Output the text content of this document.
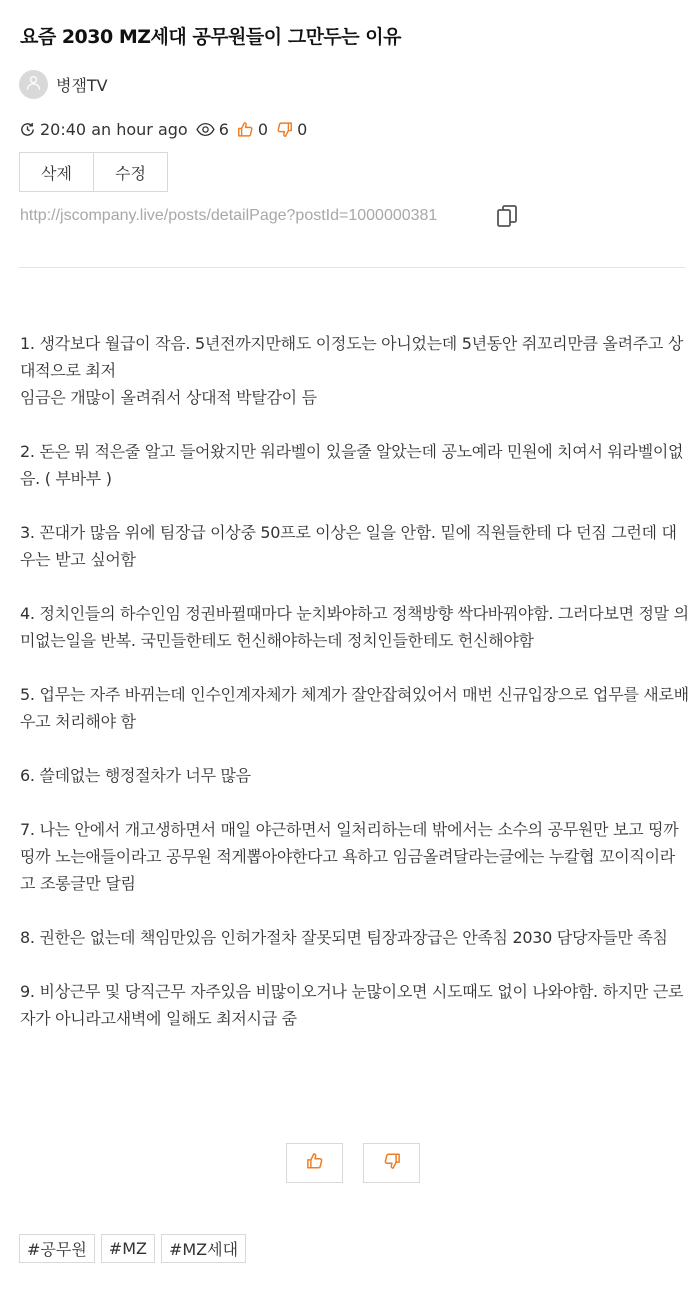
요즘 2030 MZ세대 공무원들이 그만두는 이유
병잼TV
20:40 an hour ago 6 0 0
삭제	수정
http://jscompany.live/posts/detailPage?postId=1000000381

1. 생각보다 월급이 작음. 5년전까지만해도 이정도는 아니었는데 5년동안 쥐꼬리만큼 올려주고 상대적으로 최저
임금은 개많이 올려줘서 상대적 박탈감이 듬

2. 돈은 뭐 적은줄 알고 들어왔지만 워라벨이 있을줄 알았는데 공노예라 민원에 치여서 워라벨이없음. ( 부바부 )

3. 꼰대가 많음 위에 팀장급 이상중 50프로 이상은 일을 안함. 밑에 직원들한테 다 던짐 그런데 대우는 받고 싶어함

4. 정치인들의 하수인임 정권바뀔때마다 눈치봐야하고 정책방향 싹다바꿔야함. 그러다보면 정말 의미없는일을 반복. 국민들한테도 헌신해야하는데 정치인들한테도 헌신해야함

5. 업무는 자주 바뀌는데 인수인계자체가 체계가 잘안잡혀있어서 매번 신규입장으로 업무를 새로배우고 처리해야 함

6. 쓸데없는 행정절차가 너무 많음

7. 나는 안에서 개고생하면서 매일 야근하면서 일처리하는데 밖에서는 소수의 공무원만 보고 띵까띵까 노는애들이라고 공무원 적게뽑아야한다고 욕하고 임금올려달라는글에는 누칼협 꼬이직이라고 조롱글만 달림

8. 권한은 없는데 책임만있음 인허가절차 잘못되면 팀장과장급은 안족침 2030 담당자들만 족침

9. 비상근무 및 당직근무 자주있음 비많이오거나 눈많이오면 시도때도 없이 나와야함. 하지만 근로자가 아니라고새벽에 일해도 최저시급 줌

#공무원	#MZ	#MZ세대
